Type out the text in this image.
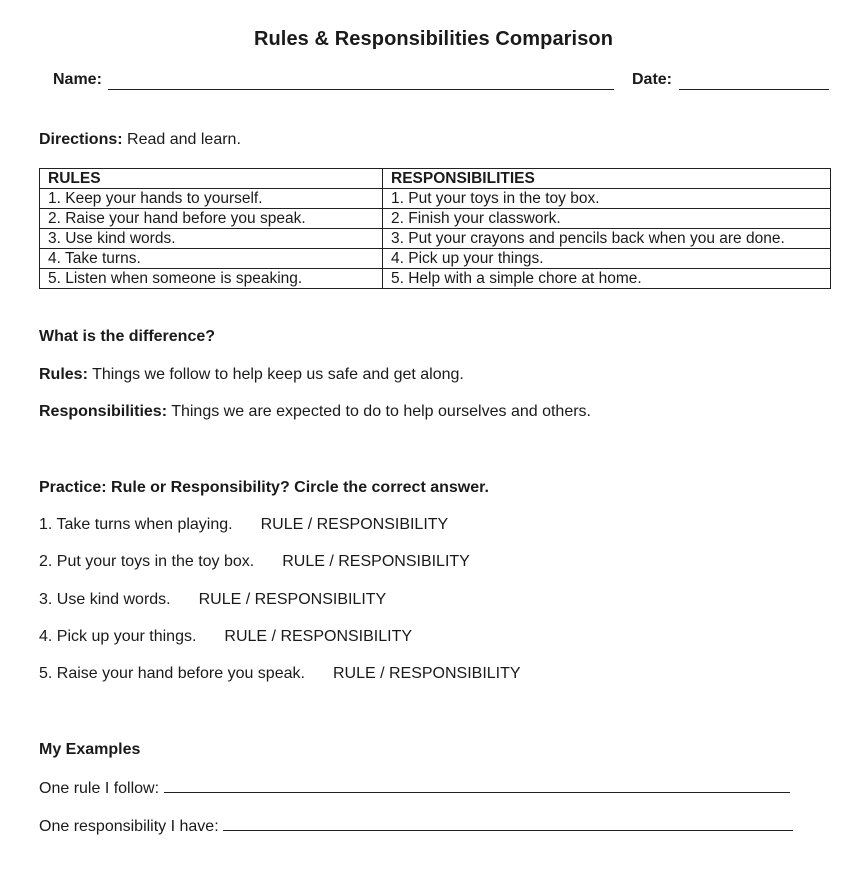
Rules & Responsibilities Comparison
Name:	Date:
Directions: Read and learn.
RULES	RESPONSIBILITIES
1. Keep your hands to yourself.	1. Put your toys in the toy box.
2. Raise your hand before you speak.	2. Finish your classwork.
3. Use kind words.	3. Put your crayons and pencils back when you are done.
4. Take turns.	4. Pick up your things.
5. Listen when someone is speaking.	5. Help with a simple chore at home.
What is the difference?
Rules: Things we follow to help keep us safe and get along.
Responsibilities: Things we are expected to do to help ourselves and others.
Practice: Rule or Responsibility? Circle the correct answer.
1. Take turns when playing. RULE / RESPONSIBILITY
2. Put your toys in the toy box. RULE / RESPONSIBILITY
3. Use kind words. RULE / RESPONSIBILITY
4. Pick up your things. RULE / RESPONSIBILITY
5. Raise your hand before you speak. RULE / RESPONSIBILITY
My Examples
One rule I follow:
One responsibility I have:
